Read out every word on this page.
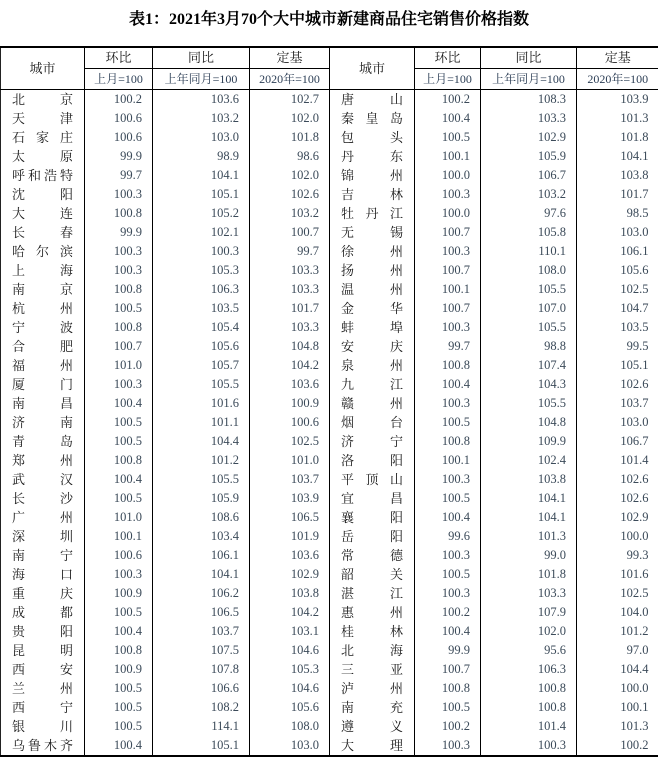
表1：2021年3月70个大中城市新建商品住宅销售价格指数
城市	环比	同比	定基	城市	环比	同比	定基
	上月=100	上年同月=100	2020年=100		上月=100	上年同月=100	2020年=100
北京	100.2	103.6	102.7	唐山	100.2	108.3	103.9
天津	100.6	103.2	102.0	秦皇岛	100.4	103.3	101.3
石家庄	100.6	103.0	101.8	包头	100.5	102.9	101.8
太原	99.9	98.9	98.6	丹东	100.1	105.9	104.1
呼和浩特	99.7	104.1	102.0	锦州	100.0	106.7	103.8
沈阳	100.3	105.1	102.6	吉林	100.3	103.2	101.7
大连	100.8	105.2	103.2	牡丹江	100.0	97.6	98.5
长春	99.9	102.1	100.7	无锡	100.7	105.8	103.0
哈尔滨	100.3	100.3	99.7	徐州	100.3	110.1	106.1
上海	100.3	105.3	103.3	扬州	100.7	108.0	105.6
南京	100.8	106.3	103.3	温州	100.1	105.5	102.5
杭州	100.5	103.5	101.7	金华	100.7	107.0	104.7
宁波	100.8	105.4	103.3	蚌埠	100.3	105.5	103.5
合肥	100.7	105.6	104.8	安庆	99.7	98.8	99.5
福州	101.0	105.7	104.2	泉州	100.8	107.4	105.1
厦门	100.3	105.5	103.6	九江	100.4	104.3	102.6
南昌	100.4	101.6	100.9	赣州	100.3	105.5	103.7
济南	100.5	101.1	100.6	烟台	100.5	104.8	103.0
青岛	100.5	104.4	102.5	济宁	100.8	109.9	106.7
郑州	100.8	101.2	101.0	洛阳	100.1	102.4	101.4
武汉	100.4	105.5	103.7	平顶山	100.3	103.8	102.6
长沙	100.5	105.9	103.9	宜昌	100.5	104.1	102.6
广州	101.0	108.6	106.5	襄阳	100.4	104.1	102.9
深圳	100.1	103.4	101.9	岳阳	99.6	101.3	100.0
南宁	100.6	106.1	103.6	常德	100.3	99.0	99.3
海口	100.3	104.1	102.9	韶关	100.5	101.8	101.6
重庆	100.9	106.2	103.8	湛江	100.3	103.3	102.5
成都	100.5	106.5	104.2	惠州	100.2	107.9	104.0
贵阳	100.4	103.7	103.1	桂林	100.4	102.0	101.2
昆明	100.8	107.5	104.6	北海	99.9	95.6	97.0
西安	100.9	107.8	105.3	三亚	100.7	106.3	104.4
兰州	100.5	106.6	104.6	泸州	100.8	100.8	100.0
西宁	100.5	108.2	105.6	南充	100.5	100.8	100.1
银川	100.5	114.1	108.0	遵义	100.2	101.4	101.3
乌鲁木齐	100.4	105.1	103.0	大理	100.3	100.3	100.2
